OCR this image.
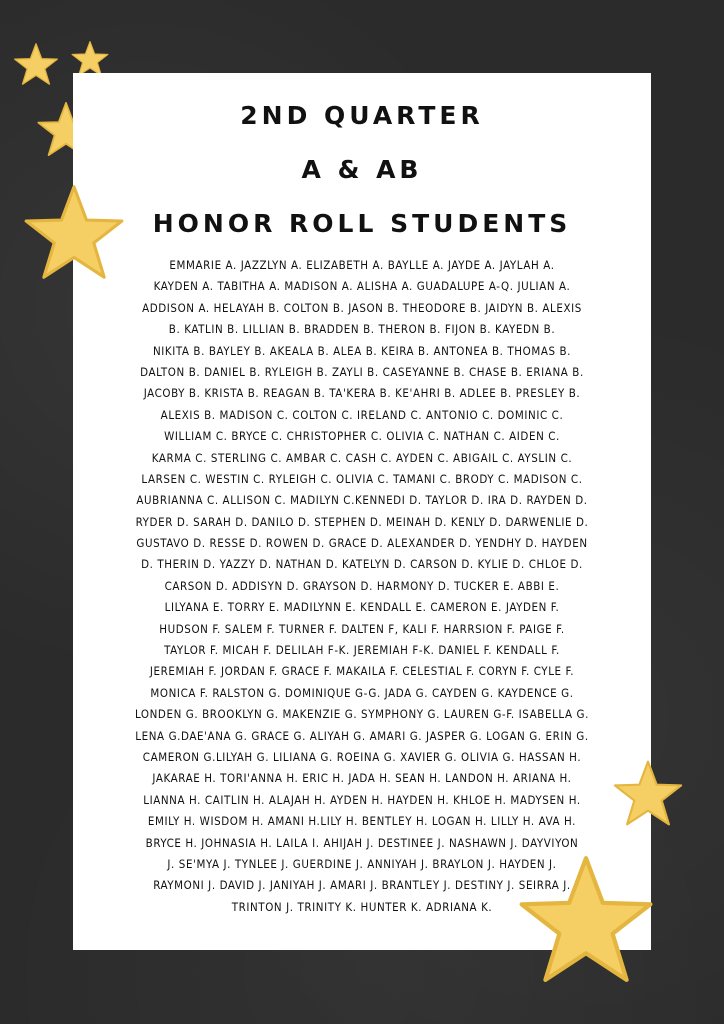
2ND QUARTER
A & AB
HONOR ROLL STUDENTS
EMMARIE A. JAZZLYN A. ELIZABETH A. BAYLLE A. JAYDE A. JAYLAH A.
KAYDEN A. TABITHA A. MADISON A. ALISHA A. GUADALUPE A-Q. JULIAN A.
ADDISON A. HELAYAH B. COLTON B. JASON B. THEODORE B. JAIDYN B. ALEXIS
B. KATLIN B. LILLIAN B. BRADDEN B. THERON B. FIJON B. KAYEDN B.
NIKITA B. BAYLEY B. AKEALA B. ALEA B. KEIRA B. ANTONEA B. THOMAS B.
DALTON B. DANIEL B. RYLEIGH B. ZAYLI B. CASEYANNE B. CHASE B. ERIANA B.
JACOBY B. KRISTA B. REAGAN B. TA'KERA B. KE'AHRI B. ADLEE B. PRESLEY B.
ALEXIS B. MADISON C. COLTON C. IRELAND C. ANTONIO C. DOMINIC C.
WILLIAM C. BRYCE C. CHRISTOPHER C. OLIVIA C. NATHAN C. AIDEN C.
KARMA C. STERLING C. AMBAR C. CASH C. AYDEN C. ABIGAIL C. AYSLIN C.
LARSEN C. WESTIN C. RYLEIGH C. OLIVIA C. TAMANI C. BRODY C. MADISON C.
AUBRIANNA C. ALLISON C. MADILYN C.KENNEDI D. TAYLOR D. IRA D. RAYDEN D.
RYDER D. SARAH D. DANILO D. STEPHEN D. MEINAH D. KENLY D. DARWENLIE D.
GUSTAVO D. RESSE D. ROWEN D. GRACE D. ALEXANDER D. YENDHY D. HAYDEN
D. THERIN D. YAZZY D. NATHAN D. KATELYN D. CARSON D. KYLIE D. CHLOE D.
CARSON D. ADDISYN D. GRAYSON D. HARMONY D. TUCKER E. ABBI E.
LILYANA E. TORRY E. MADILYNN E. KENDALL E. CAMERON E. JAYDEN F.
HUDSON F. SALEM F. TURNER F. DALTEN F, KALI F. HARRSION F. PAIGE F.
TAYLOR F. MICAH F. DELILAH F-K. JEREMIAH F-K. DANIEL F. KENDALL F.
JEREMIAH F. JORDAN F. GRACE F. MAKAILA F. CELESTIAL F. CORYN F. CYLE F.
MONICA F. RALSTON G. DOMINIQUE G-G. JADA G. CAYDEN G. KAYDENCE G.
LONDEN G. BROOKLYN G. MAKENZIE G. SYMPHONY G. LAUREN G-F. ISABELLA G.
LENA G.DAE'ANA G. GRACE G. ALIYAH G. AMARI G. JASPER G. LOGAN G. ERIN G.
CAMERON G.LILYAH G. LILIANA G. ROEINA G. XAVIER G. OLIVIA G. HASSAN H.
JAKARAE H. TORI'ANNA H. ERIC H. JADA H. SEAN H. LANDON H. ARIANA H.
LIANNA H. CAITLIN H. ALAJAH H. AYDEN H. HAYDEN H. KHLOE H. MADYSEN H.
EMILY H. WISDOM H. AMANI H.LILY H. BENTLEY H. LOGAN H. LILLY H. AVA H.
BRYCE H. JOHNASIA H. LAILA I. AHIJAH J. DESTINEE J. NASHAWN J. DAYVIYON
J. SE'MYA J. TYNLEE J. GUERDINE J. ANNIYAH J. BRAYLON J. HAYDEN J.
RAYMONI J. DAVID J. JANIYAH J. AMARI J. BRANTLEY J. DESTINY J. SEIRRA J.
TRINTON J. TRINITY K. HUNTER K. ADRIANA K.
